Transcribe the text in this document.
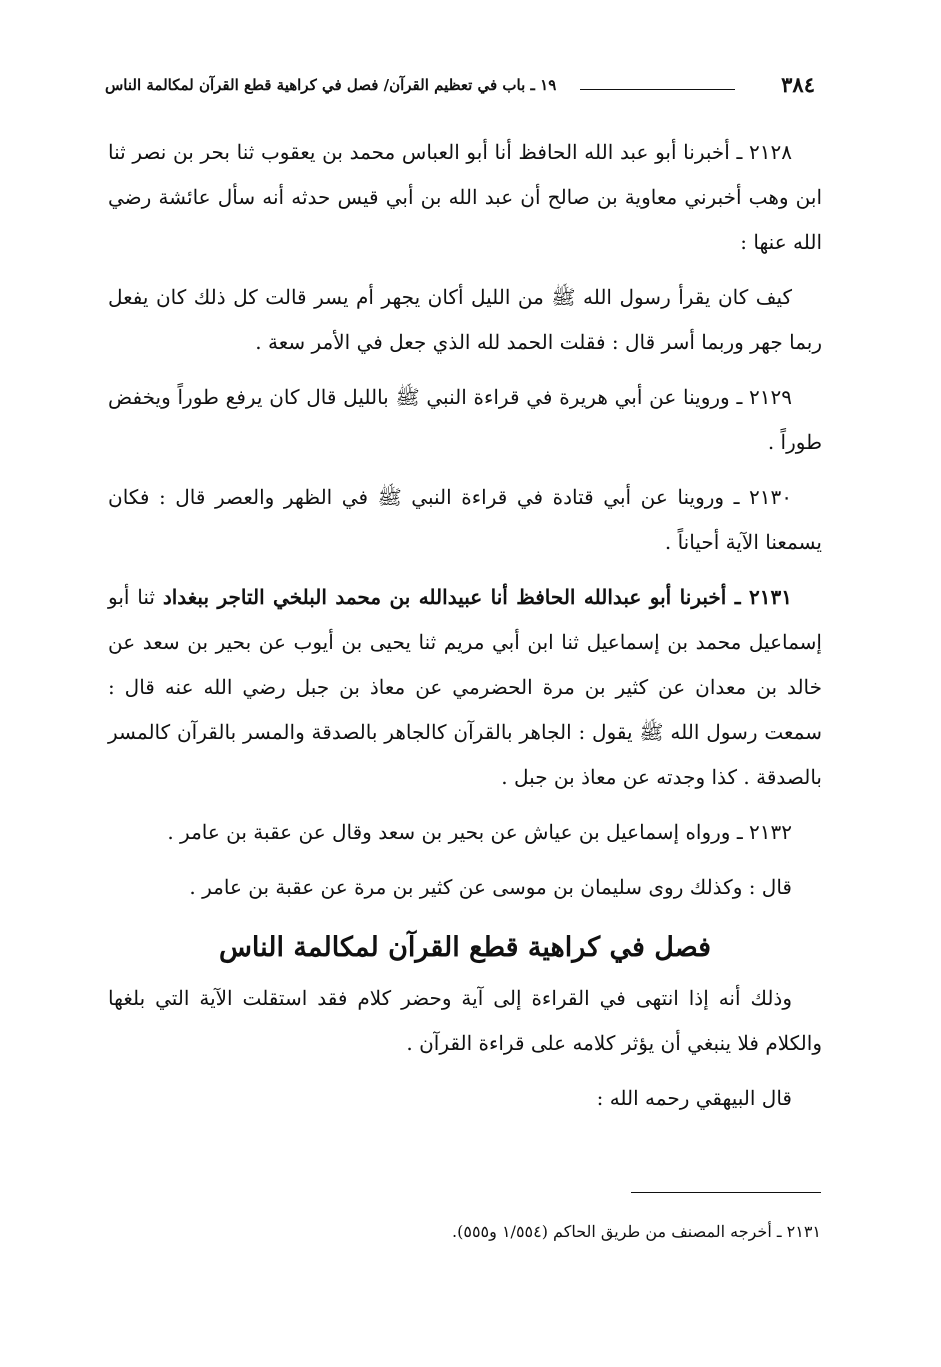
٣٨٤
١٩ ـ باب في تعظيم القرآن/ فصل في كراهية قطع القرآن لمكالمة الناس

٢١٢٨ ـ أخبرنا أبو عبد الله الحافظ أنا أبو العباس محمد بن يعقوب ثنا بحر بن نصر ثنا ابن وهب أخبرني معاوية بن صالح أن عبد الله بن أبي قيس حدثه أنه سأل عائشة رضي الله عنها :

كيف كان يقرأ رسول الله ﷺ من الليل أكان يجهر أم يسر قالت كل ذلك كان يفعل ربما جهر وربما أسر قال : فقلت الحمد لله الذي جعل في الأمر سعة .

٢١٢٩ ـ وروينا عن أبي هريرة في قراءة النبي ﷺ بالليل قال كان يرفع طوراً ويخفض طوراً .

٢١٣٠ ـ وروينا عن أبي قتادة في قراءة النبي ﷺ في الظهر والعصر قال : فكان يسمعنا الآية أحياناً .

٢١٣١ ـ أخبرنا أبو عبدالله الحافظ أنا عبيدالله بن محمد البلخي التاجر ببغداد ثنا أبو إسماعيل محمد بن إسماعيل ثنا ابن أبي مريم ثنا يحيى بن أيوب عن بحير بن سعد عن خالد بن معدان عن كثير بن مرة الحضرمي عن معاذ بن جبل رضي الله عنه قال : سمعت رسول الله ﷺ يقول : الجاهر بالقرآن كالجاهر بالصدقة والمسر بالقرآن كالمسر بالصدقة . كذا وجدته عن معاذ بن جبل .

٢١٣٢ ـ ورواه إسماعيل بن عياش عن بحير بن سعد وقال عن عقبة بن عامر .

قال : وكذلك روى سليمان بن موسى عن كثير بن مرة عن عقبة بن عامر .

فصل في كراهية قطع القرآن لمكالمة الناس

وذلك أنه إذا انتهى في القراءة إلى آية وحضر كلام فقد استقلت الآية التي بلغها والكلام فلا ينبغي أن يؤثر كلامه على قراءة القرآن .

قال البيهقي رحمه الله :

٢١٣١ ـ أخرجه المصنف من طريق الحاكم (١/٥٥٤ و٥٥٥).
